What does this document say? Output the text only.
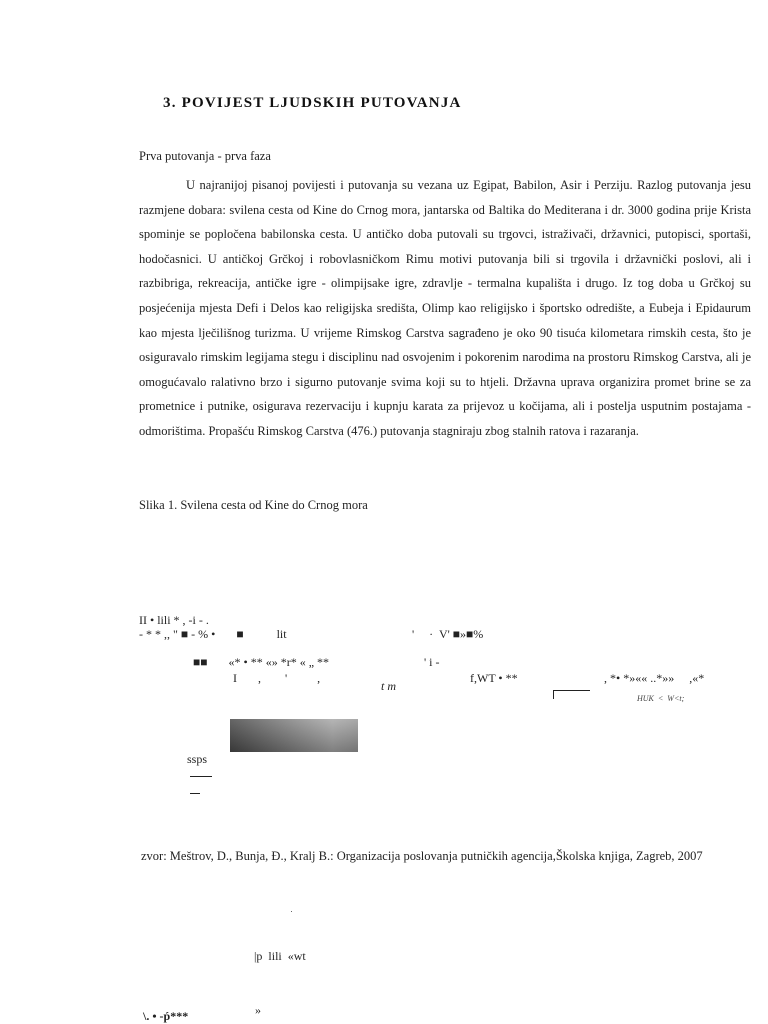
3. POVIJEST LJUDSKIH PUTOVANJA
Prva putovanja - prva faza
U najranijoj pisanoj povijesti i putovanja su vezana uz Egipat, Babilon, Asir i Perziju. Razlog putovanja jesu razmjene dobara: svilena cesta od Kine do Crnog mora, jantarska od Baltika do Mediterana i dr. 3000 godina prije Krista spominje se popločena babilonska cesta. U antičko doba putovali su trgovci, istraživači, državnici, putopisci, sportaši, hodočasnici. U antičkoj Grčkoj i robovlasničkom Rimu motivi putovanja bili si trgovila i državnički poslovi, ali i razbibriga, rekreacija, antičke igre - olimpijsake igre, zdravlje - termalna kupališta i drugo. Iz tog doba u Grčkoj su posjećenija mjesta Defi i Delos kao religijska središta, Olimp kao religijsko i športsko odredište, a Eubeja i Epidaurum kao mjesta lječilišnog turizma. U vrijeme Rimskog Carstva sagrađeno je oko 90 tisuća kilometara rimskih cesta, što je osiguravalo rimskim legijama stegu i disciplinu nad osvojenim i pokorenim narodima na prostoru Rimskog Carstva, ali je omogućavalo ralativno brzo i sigurno putovanje svima koji su to htjeli. Državna uprava organizira promet brine se za prometnice i putnike, osigurava rezervaciju i kupnju karata za prijevoz u kočijama, ali i postelja usputnim postajama - odmorištima. Propašću Rimskog Carstva (476.) putovanja stagniraju zbog stalnih ratova i razaranja.
Slika 1. Svilena cesta od Kine do Crnog mora
II • lili * , -i - .
- * * ,, " ■ - % •       ■           lit	'     ·  V' ■»■%
■■       «* • ** «» *r* « „ **	' i -
I       ,        '          ,
t m
f,WT • **	, *• *»«« ..*»»     ,«*
HUK  <  W<t;
ssps
zvor: Meštrov, D., Bunja, Đ., Kralj B.: Organizacija poslovanja putničkih agencija,Školska knjiga, Zagreb, 2007
|p  lili  «wt
»
\. • -ṕ***
